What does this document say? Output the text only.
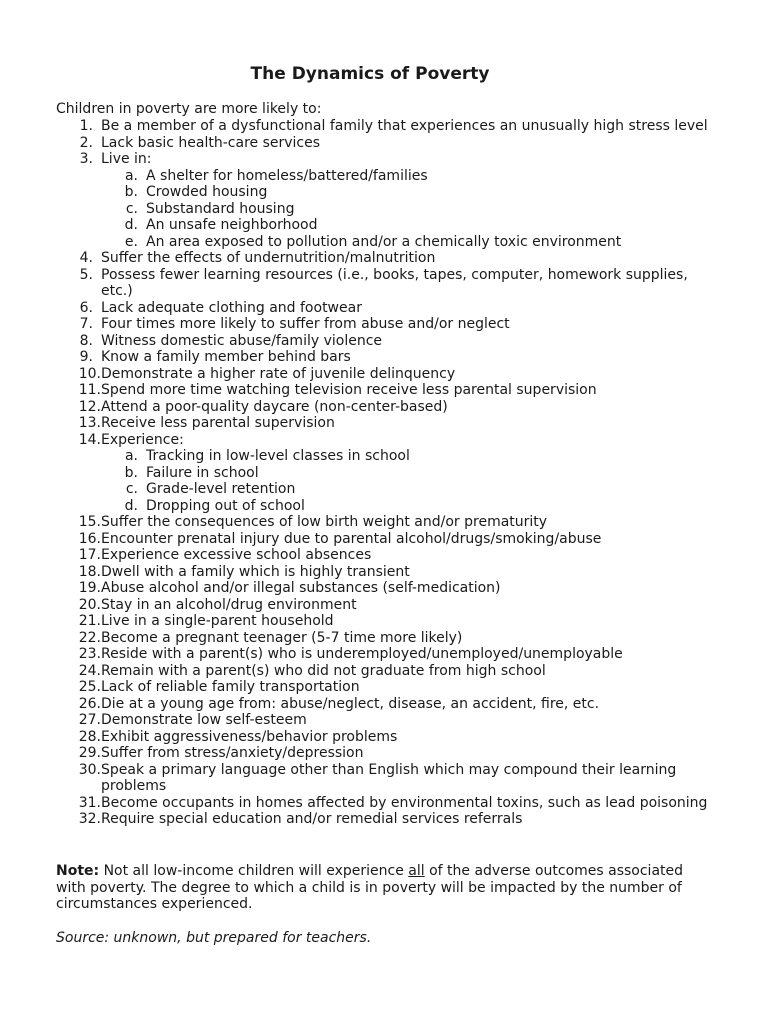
The Dynamics of Poverty
Children in poverty are more likely to:
1. Be a member of a dysfunctional family that experiences an unusually high stress level
2. Lack basic health-care services
3. Live in:
a. A shelter for homeless/battered/families
b. Crowded housing
c. Substandard housing
d. An unsafe neighborhood
e. An area exposed to pollution and/or a chemically toxic environment
4. Suffer the effects of undernutrition/malnutrition
5. Possess fewer learning resources (i.e., books, tapes, computer, homework supplies, etc.)
6. Lack adequate clothing and footwear
7. Four times more likely to suffer from abuse and/or neglect
8. Witness domestic abuse/family violence
9. Know a family member behind bars
10. Demonstrate a higher rate of juvenile delinquency
11. Spend more time watching television receive less parental supervision
12. Attend a poor-quality daycare (non-center-based)
13. Receive less parental supervision
14. Experience:
a. Tracking in low-level classes in school
b. Failure in school
c. Grade-level retention
d. Dropping out of school
15. Suffer the consequences of low birth weight and/or prematurity
16. Encounter prenatal injury due to parental alcohol/drugs/smoking/abuse
17. Experience excessive school absences
18. Dwell with a family which is highly transient
19. Abuse alcohol and/or illegal substances (self-medication)
20. Stay in an alcohol/drug environment
21. Live in a single-parent household
22. Become a pregnant teenager (5-7 time more likely)
23. Reside with a parent(s) who is underemployed/unemployed/unemployable
24. Remain with a parent(s) who did not graduate from high school
25. Lack of reliable family transportation
26. Die at a young age from: abuse/neglect, disease, an accident, fire, etc.
27. Demonstrate low self-esteem
28. Exhibit aggressiveness/behavior problems
29. Suffer from stress/anxiety/depression
30. Speak a primary language other than English which may compound their learning problems
31. Become occupants in homes affected by environmental toxins, such as lead poisoning
32. Require special education and/or remedial services referrals
Note: Not all low-income children will experience all of the adverse outcomes associated with poverty. The degree to which a child is in poverty will be impacted by the number of circumstances experienced.
Source: unknown, but prepared for teachers.
